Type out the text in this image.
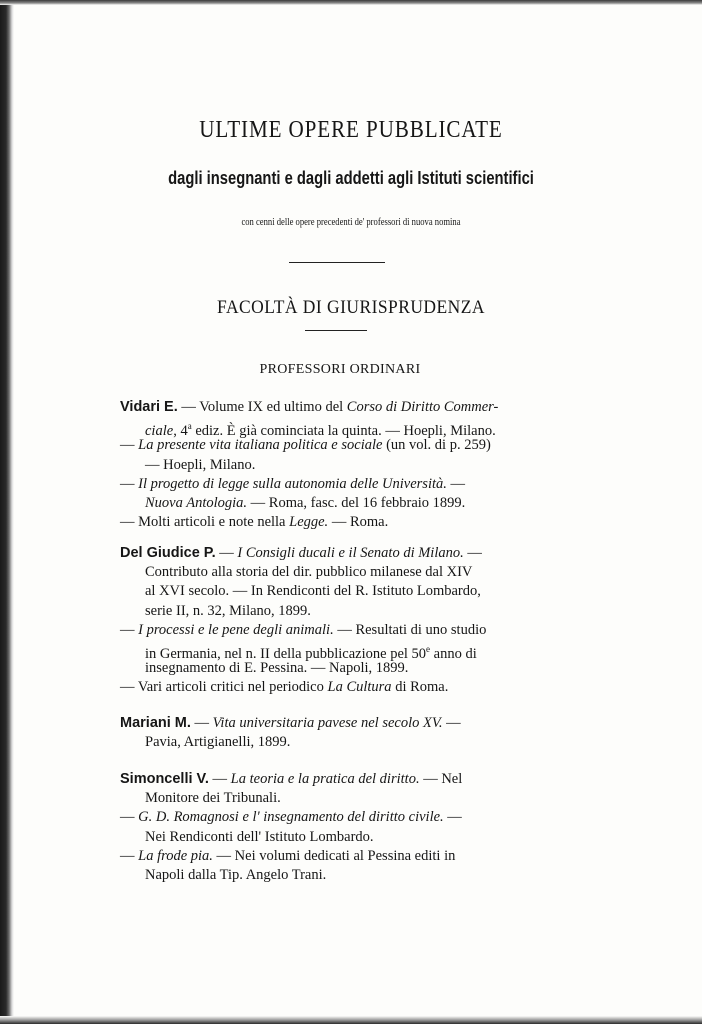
ULTIME OPERE PUBBLICATE
dagli insegnanti e dagli addetti agli Istituti scientifici
con cenni delle opere precedenti de' professori di nuova nomina
FACOLTÀ DI GIURISPRUDENZA
PROFESSORI ORDINARI
Vidari E. — Volume IX ed ultimo del Corso di Diritto Commer-
ciale, 4$^a$ ediz. È già cominciata la quinta. — Hoepli, Milano.
— La presente vita italiana politica e sociale (un vol. di p. 259)
— Hoepli, Milano.
— Il progetto di legge sulla autonomia delle Università. —
Nuova Antologia. — Roma, fasc. del 16 febbraio 1899.
— Molti articoli e note nella Legge. — Roma.
Del Giudice P. — I Consigli ducali e il Senato di Milano. —
Contributo alla storia del dir. pubblico milanese dal XIV
al XVI secolo. — In Rendiconti del R. Istituto Lombardo,
serie II, n. 32, Milano, 1899.
— I processi e le pene degli animali. — Resultati di uno studio
in Germania, nel n. II della pubblicazione pel 50e anno di
insegnamento di E. Pessina. — Napoli, 1899.
— Vari articoli critici nel periodico La Cultura di Roma.
Mariani M. — Vita universitaria pavese nel secolo XV. —
Pavia, Artigianelli, 1899.
Simoncelli V. — La teoria e la pratica del diritto. — Nel
Monitore dei Tribunali.
— G. D. Romagnosi e l' insegnamento del diritto civile. —
Nei Rendiconti dell' Istituto Lombardo.
— La frode pia. — Nei volumi dedicati al Pessina editi in
Napoli dalla Tip. Angelo Trani.
